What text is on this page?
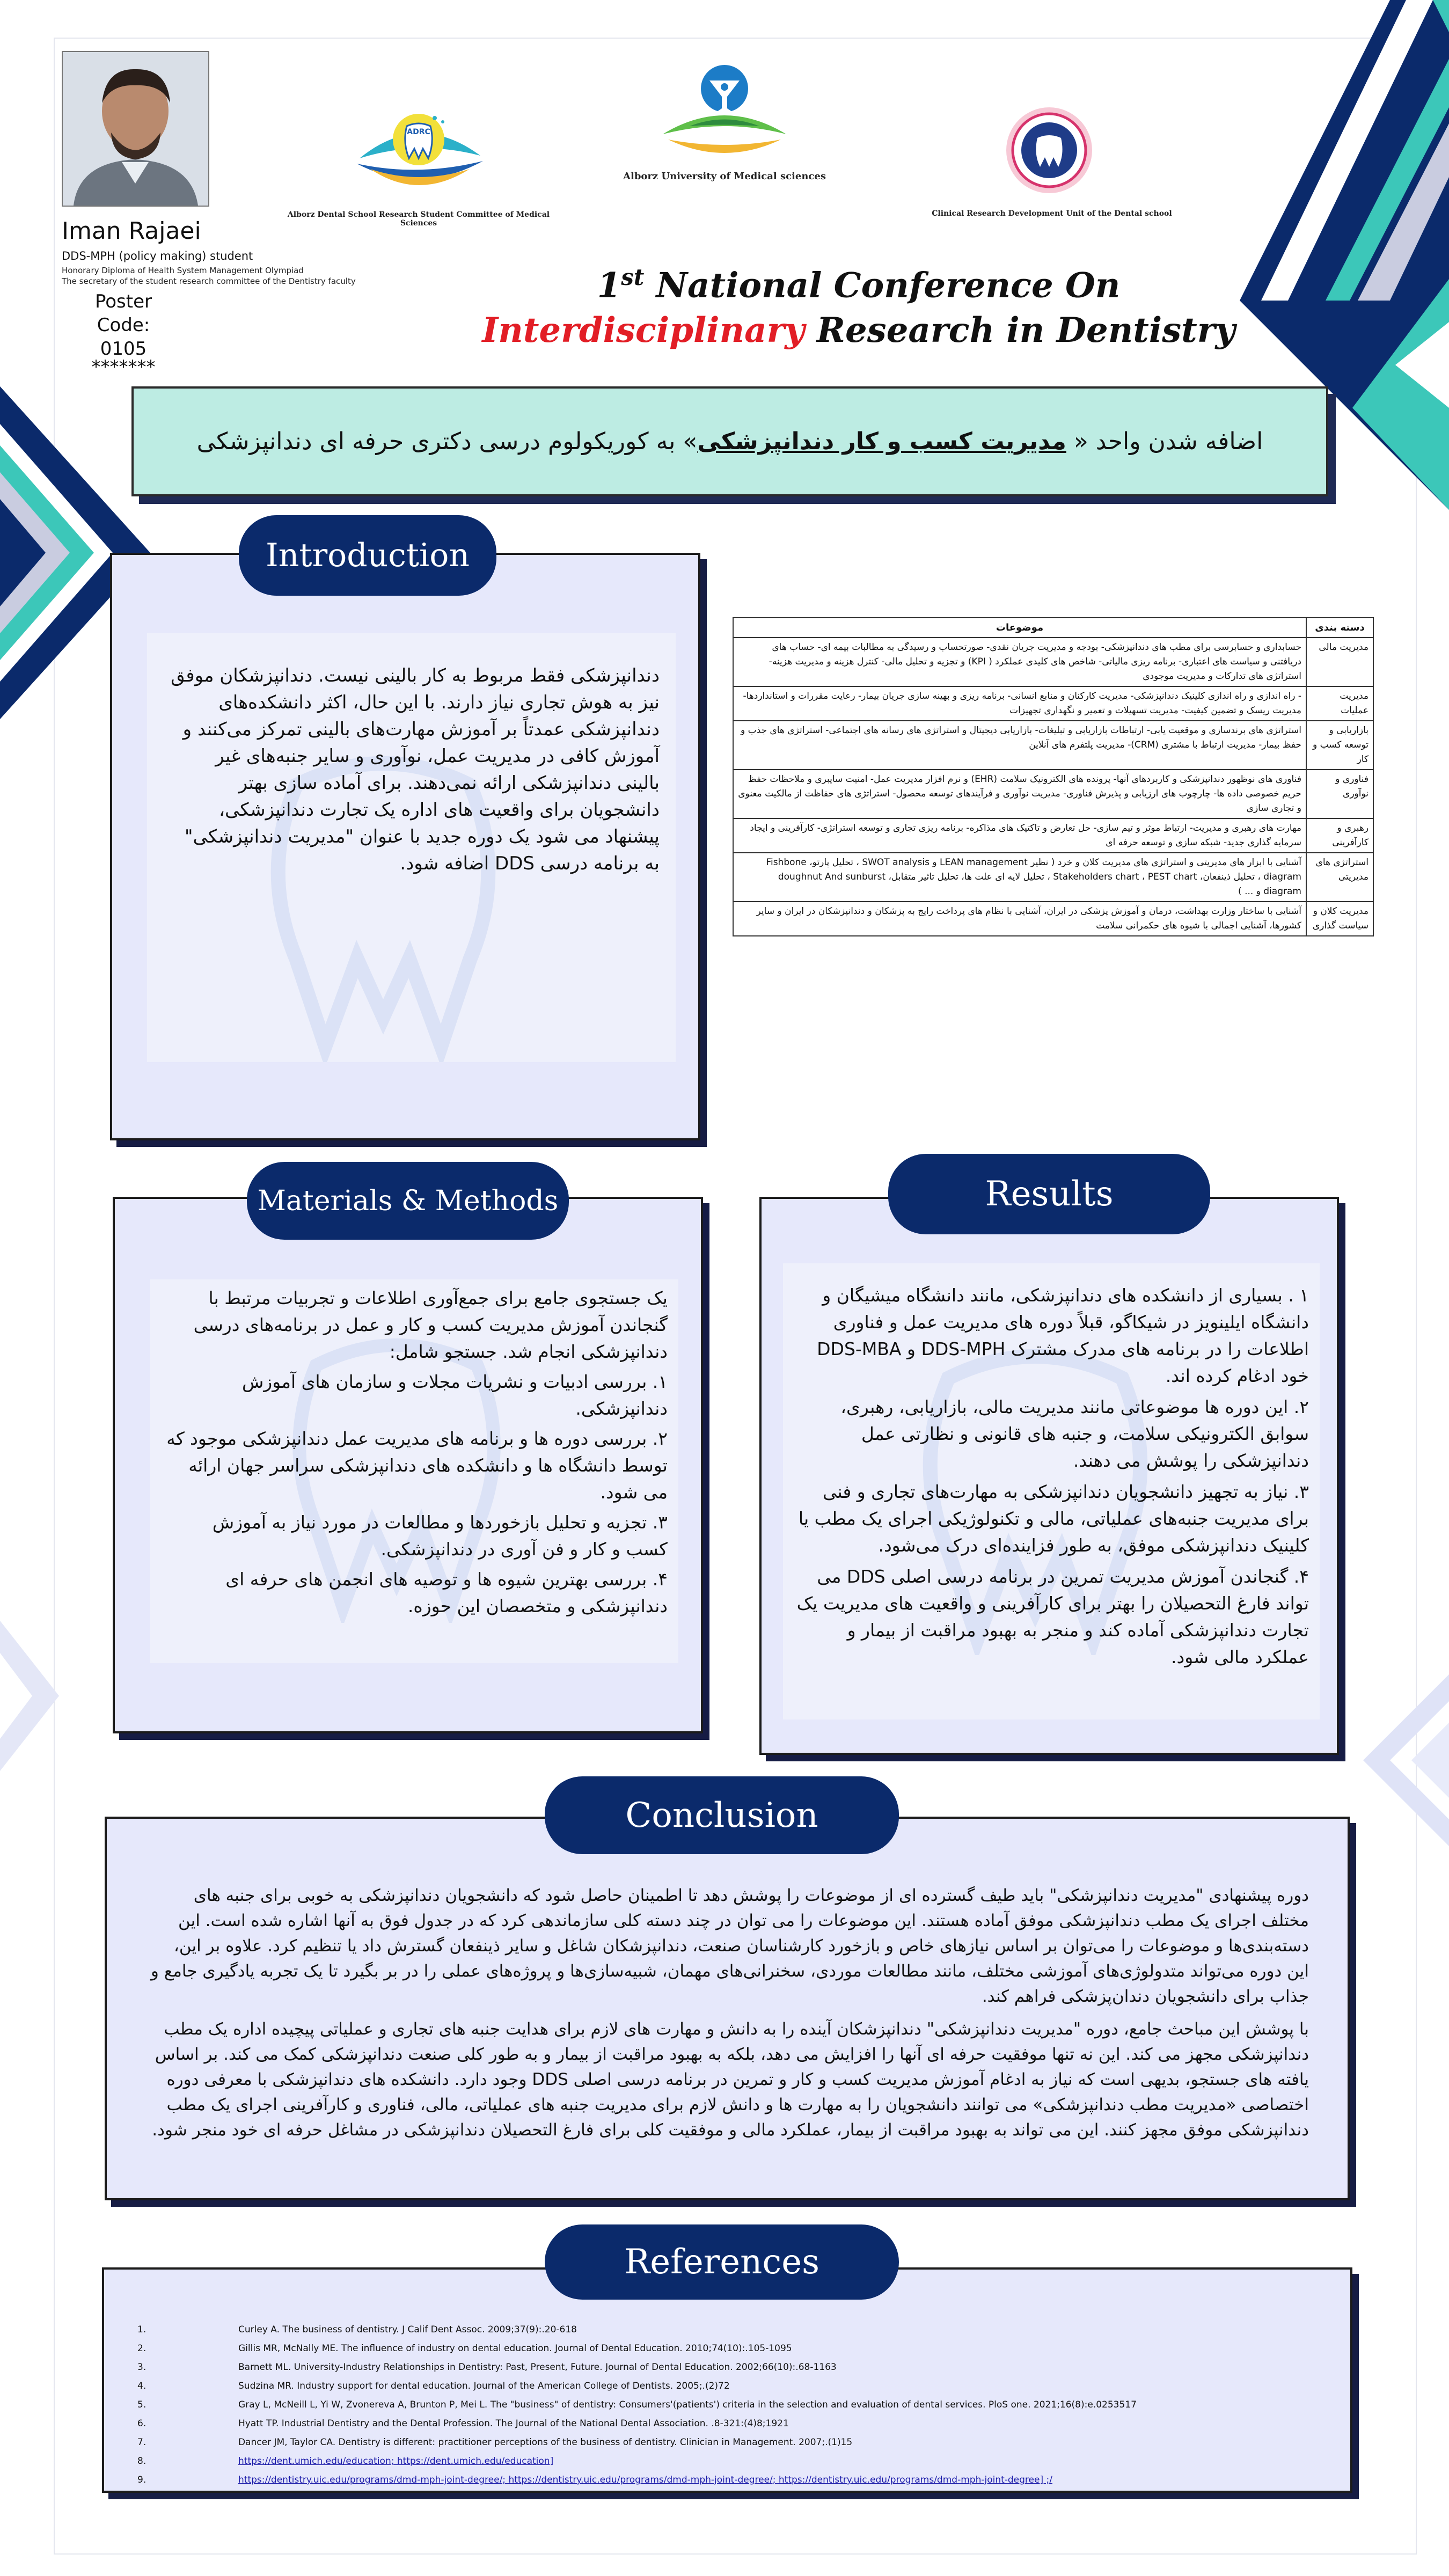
Iman Rajaei
DDS-MPH (policy making) student
Honorary Diploma of Health System Management Olympiad
The secretary of the student research committee of the Dentistry faculty
Poster
Code:
0105
*******
ADRC
Alborz Dental School Research Student Committee of Medical Sciences
Alborz University of Medical sciences
Clinical Research Development Unit of the Dental school
1st National Conference On
Interdisciplinary Research in Dentistry

اضافه شدن واحد « مدیریت کسب و کار دندانپزشکی» به کوریکولوم درسی دکتری حرفه ای دندانپزشکی

دندانپزشکی فقط مربوط به کار بالینی نیست. دندانپزشکان موفق نیز به هوش تجاری نیاز دارند. با این حال، اکثر دانشکده‌های دندانپزشکی عمدتاً بر آموزش مهارت‌های بالینی تمرکز می‌کنند و آموزش کافی در مدیریت عمل، نوآوری و سایر جنبه‌های غیر بالینی دندانپزشکی ارائه نمی‌دهند. برای آماده سازی بهتر دانشجویان برای واقعیت های اداره یک تجارت دندانپزشکی، پیشنهاد می شود یک دوره جدید با عنوان "مدیریت دندانپزشکی" به برنامه درسی DDS اضافه شود.
Introduction
دسته بندی	موضوعات
مدیریت مالی	حسابداری و حسابرسی برای مطب های دندانپزشکی- بودجه و مدیریت جریان نقدی- صورتحساب و رسیدگی به مطالبات بیمه ای- حساب های دریافتنی و سیاست های اعتباری- برنامه ریزی مالیاتی- شاخص های کلیدی عملکرد ( KPI) و تجزیه و تحلیل مالی- کنترل هزینه و مدیریت هزینه- استراتژی های تدارکات و مدیریت موجودی
مدیریت عملیات	- راه اندازی و راه اندازی کلینیک دندانپزشکی- مدیریت کارکنان و منابع انسانی- برنامه ریزی و بهینه سازی جریان بیمار- رعایت مقررات و استانداردها- مدیریت ریسک و تضمین کیفیت- مدیریت تسهیلات و تعمیر و نگهداری تجهیزات
بازاریابی و توسعه کسب و کار	استراتژی های برندسازی و موقعیت یابی- ارتباطات بازاریابی و تبلیغات- بازاریابی دیجیتال و استراتژی های رسانه های اجتماعی- استراتژی های جذب و حفظ بیمار- مدیریت ارتباط با مشتری (CRM)- مدیریت پلتفرم های آنلاین
فناوری و نوآوری	فناوری های نوظهور دندانپزشکی و کاربردهای آنها- پرونده های الکترونیک سلامت (EHR) و نرم افزار مدیریت عمل- امنیت سایبری و ملاحظات حفظ حریم خصوصی داده ها- چارچوب های ارزیابی و پذیرش فناوری- مدیریت نوآوری و فرآیندهای توسعه محصول- استراتژی های حفاظت از مالکیت معنوی و تجاری سازی
رهبری و کارآفرینی	مهارت های رهبری و مدیریت- ارتباط موثر و تیم سازی- حل تعارض و تاکتیک های مذاکره- برنامه ریزی تجاری و توسعه استراتژی- کارآفرینی و ایجاد سرمایه گذاری جدید- شبکه سازی و توسعه حرفه ای
استراتژی های مدیریتی	آشنایی با ابزار های مدیریتی و استراتژی های مدیریت کلان و خرد ( نظیر LEAN management و SWOT analysis ، تحلیل پارتو، Fishbone diagram ، تحلیل ذینفعان، Stakeholders chart ، PEST chart ، تحلیل لایه ای علت ها، تحلیل تاثیر متقابل، doughnut And sunburst diagram و ... )
مدیریت کلان و سیاست گذاری	آشنایی با ساختار وزارت بهداشت، درمان و آموزش پزشکی در ایران، آشنایی با نظام های پرداخت رایج به پزشکان و دندانپزشکان در ایران و سایر کشورها، آشنایی اجمالی با شیوه های حکمرانی سلامت

یک جستجوی جامع برای جمع‌آوری اطلاعات و تجربیات مرتبط با گنجاندن آموزش مدیریت کسب و کار و عمل در برنامه‌های درسی دندانپزشکی انجام شد. جستجو شامل:

۱. بررسی ادبیات و نشریات مجلات و سازمان های آموزش دندانپزشکی.

۲. بررسی دوره ها و برنامه های مدیریت عمل دندانپزشکی موجود که توسط دانشگاه ها و دانشکده های دندانپزشکی سراسر جهان ارائه می شود.

۳. تجزیه و تحلیل بازخوردها و مطالعات در مورد نیاز به آموزش کسب و کار و فن آوری در دندانپزشکی.

۴. بررسی بهترین شیوه ها و توصیه های انجمن های حرفه ای دندانپزشکی و متخصصان این حوزه.

Materials & Methods

۱ . بسیاری از دانشکده های دندانپزشکی، مانند دانشگاه میشیگان و دانشگاه ایلینویز در شیکاگو، قبلاً دوره های مدیریت عمل و فناوری اطلاعات را در برنامه های مدرک مشترک DDS-MPH و DDS-MBA خود ادغام کرده اند.

۲. این دوره ها موضوعاتی مانند مدیریت مالی، بازاریابی، رهبری، سوابق الکترونیکی سلامت، و جنبه های قانونی و نظارتی عمل دندانپزشکی را پوشش می دهند.

۳. نیاز به تجهیز دانشجویان دندانپزشکی به مهارت‌های تجاری و فنی برای مدیریت جنبه‌های عملیاتی، مالی و تکنولوژیکی اجرای یک مطب یا کلینیک دندانپزشکی موفق، به طور فزاینده‌ای درک می‌شود.

۴. گنجاندن آموزش مدیریت تمرین در برنامه درسی اصلی DDS می تواند فارغ التحصیلان را بهتر برای کارآفرینی و واقعیت های مدیریت یک تجارت دندانپزشکی آماده کند و منجر به بهبود مراقبت از بیمار و عملکرد مالی شود.

Results

دوره پیشنهادی "مدیریت دندانپزشکی" باید طیف گسترده ای از موضوعات را پوشش دهد تا اطمینان حاصل شود که دانشجویان دندانپزشکی به خوبی برای جنبه های مختلف اجرای یک مطب دندانپزشکی موفق آماده هستند. این موضوعات را می توان در چند دسته کلی سازماندهی کرد که در جدول فوق به آنها اشاره شده است. این دسته‌بندی‌ها و موضوعات را می‌توان بر اساس نیازهای خاص و بازخورد کارشناسان صنعت، دندانپزشکان شاغل و سایر ذینفعان گسترش داد یا تنظیم کرد. علاوه بر این، این دوره می‌تواند متدولوژی‌های آموزشی مختلف، مانند مطالعات موردی، سخنرانی‌های مهمان، شبیه‌سازی‌ها و پروژه‌های عملی را در بر بگیرد تا یک تجربه یادگیری جامع و جذاب برای دانشجویان دندان‌پزشکی فراهم کند.

با پوشش این مباحث جامع، دوره "مدیریت دندانپزشکی" دندانپزشکان آینده را به دانش و مهارت های لازم برای هدایت جنبه های تجاری و عملیاتی پیچیده اداره یک مطب دندانپزشکی مجهز می کند. این نه تنها موفقیت حرفه ای آنها را افزایش می دهد، بلکه به بهبود مراقبت از بیمار و به طور کلی صنعت دندانپزشکی کمک می کند. بر اساس یافته های جستجو، بدیهی است که نیاز به ادغام آموزش مدیریت کسب و کار و تمرین در برنامه درسی اصلی DDS وجود دارد. دانشکده های دندانپزشکی با معرفی دوره اختصاصی «مدیریت مطب دندانپزشکی» می توانند دانشجویان را به مهارت ها و دانش لازم برای مدیریت جنبه های عملیاتی، مالی، فناوری و کارآفرینی اجرای یک مطب دندانپزشکی موفق مجهز کنند. این می تواند به بهبود مراقبت از بیمار، عملکرد مالی و موفقیت کلی برای فارغ التحصیلان دندانپزشکی در مشاغل حرفه ای خود منجر شود.

Conclusion
1.	Curley A. The business of dentistry. J Calif Dent Assoc. 2009;37(9):.20-618
2.	Gillis MR, McNally ME. The influence of industry on dental education. Journal of Dental Education. 2010;74(10):.105-1095
3.	Barnett ML. University-Industry Relationships in Dentistry: Past, Present, Future. Journal of Dental Education. 2002;66(10):.68-1163
4.	Sudzina MR. Industry support for dental education. Journal of the American College of Dentists. 2005;.(2)72
5.	Gray L, McNeill L, Yi W, Zvonereva A, Brunton P, Mei L. The "business" of dentistry: Consumers'(patients') criteria in the selection and evaluation of dental services. PloS one. 2021;16(8):e.0253517
6.	Hyatt TP. Industrial Dentistry and the Dental Profession. The Journal of the National Dental Association. .8-321:(4)8;1921
7.	Dancer JM, Taylor CA. Dentistry is different: practitioner perceptions of the business of dentistry. Clinician in Management. 2007;.(1)15
8.	https://dent.umich.edu/education; https://dent.umich.edu/education]
9.	https://dentistry.uic.edu/programs/dmd-mph-joint-degree/; https://dentistry.uic.edu/programs/dmd-mph-joint-degree/; https://dentistry.uic.edu/programs/dmd-mph-joint-degree] ;/
References
